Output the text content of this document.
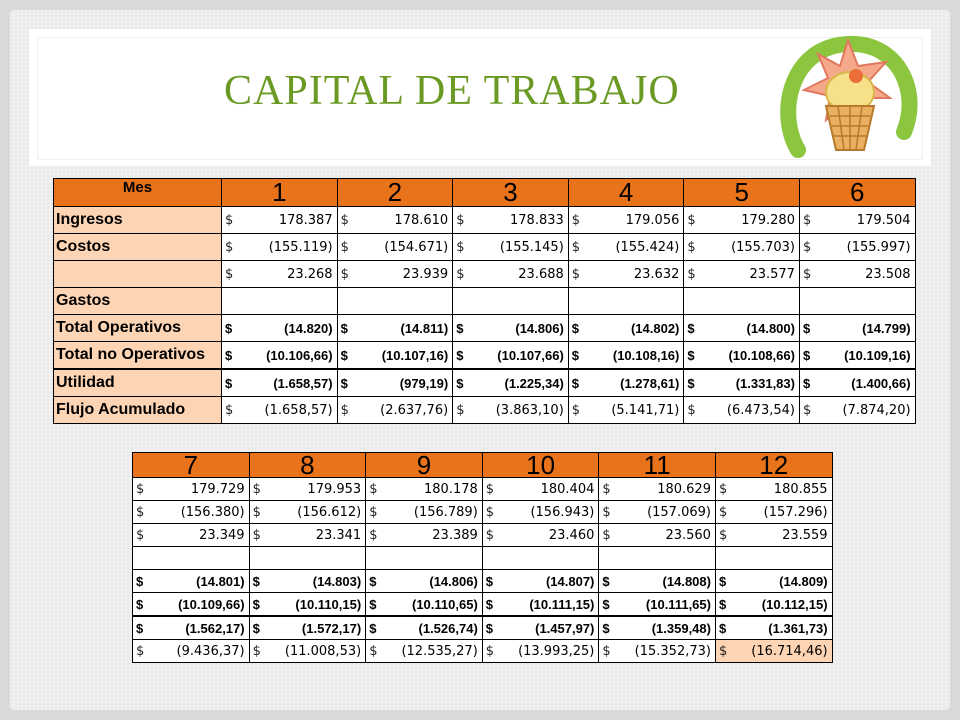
CAPITAL DE TRABAJO
Mes	1	2	3	4	5	6
Ingresos	$ 178.387	$ 178.610	$ 178.833	$ 179.056	$ 179.280	$ 179.504

Costos	$ (155.119)	$ (154.671)	$ (155.145)	$ (155.424)	$ (155.703)	$ (155.997)

	$ 23.268	$ 23.939	$ 23.688	$ 23.632	$ 23.577	$ 23.508

Gastos						
Total Operativos	$ (14.820)	$ (14.811)	$ (14.806)	$ (14.802)	$ (14.800)	$ (14.799)

Total no Operativos	$ (10.106,66)	$ (10.107,16)	$ (10.107,66)	$ (10.108,16)	$ (10.108,66)	$ (10.109,16)

Utilidad	$ (1.658,57)	$ (979,19)	$ (1.225,34)	$ (1.278,61)	$ (1.331,83)	$ (1.400,66)

Flujo Acumulado	$ (1.658,57)	$ (2.637,76)	$ (3.863,10)	$ (5.141,71)	$ (6.473,54)	$ (7.874,20)
7	8	9	10	11	12

$ 179.729	$ 179.953	$ 180.178	$ 180.404	$ 180.629	$ 180.855

$ (156.380)	$ (156.612)	$ (156.789)	$ (156.943)	$ (157.069)	$ (157.296)

$ 23.349	$ 23.341	$ 23.389	$ 23.460	$ 23.560	$ 23.559

$ (14.801)	$ (14.803)	$ (14.806)	$ (14.807)	$ (14.808)	$ (14.809)

$ (10.109,66)	$ (10.110,15)	$ (10.110,65)	$ (10.111,15)	$ (10.111,65)	$ (10.112,15)

$ (1.562,17)	$ (1.572,17)	$ (1.526,74)	$ (1.457,97)	$ (1.359,48)	$ (1.361,73)

$ (9.436,37)	$ (11.008,53)	$ (12.535,27)	$ (13.993,25)	$ (15.352,73)	$ (16.714,46)
